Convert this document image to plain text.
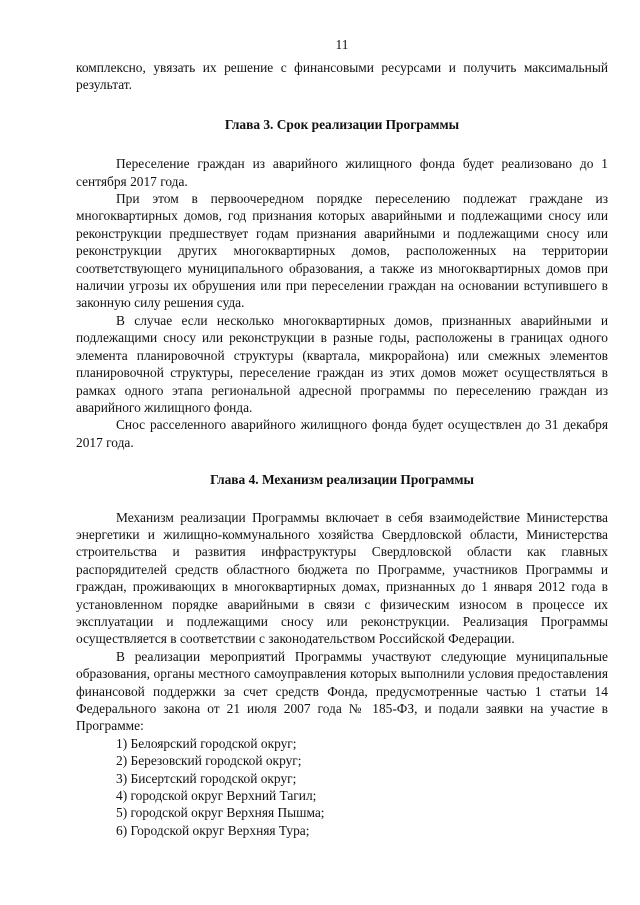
11

комплексно, увязать их решение с финансовыми ресурсами и получить максимальный результат.

Глава 3. Срок реализации Программы

Переселение граждан из аварийного жилищного фонда будет реализовано до 1 сентября 2017 года.

При этом в первоочередном порядке переселению подлежат граждане из многоквартирных домов, год признания которых аварийными и подлежащими сносу или реконструкции предшествует годам признания аварийными и подлежащими сносу или реконструкции других многоквартирных домов, расположенных на территории соответствующего муниципального образования, а также из многоквартирных домов при наличии угрозы их обрушения или при переселении граждан на основании вступившего в законную силу решения суда.

В случае если несколько многоквартирных домов, признанных аварийными и подлежащими сносу или реконструкции в разные годы, расположены в границах одного элемента планировочной структуры (квартала, микрорайона) или смежных элементов планировочной структуры, переселение граждан из этих домов может осуществляться в рамках одного этапа региональной адресной программы по переселению граждан из аварийного жилищного фонда.

Снос расселенного аварийного жилищного фонда будет осуществлен до 31 декабря 2017 года.

Глава 4. Механизм реализации Программы

Механизм реализации Программы включает в себя взаимодействие Министерства энергетики и жилищно-коммунального хозяйства Свердловской области, Министерства строительства и развития инфраструктуры Свердловской области как главных распорядителей средств областного бюджета по Программе, участников Программы и граждан, проживающих в многоквартирных домах, признанных до 1 января 2012 года в установленном порядке аварийными в связи с физическим износом в процессе их эксплуатации и подлежащими сносу или реконструкции. Реализация Программы осуществляется в соответствии с законодательством Российской Федерации.

В реализации мероприятий Программы участвуют следующие муниципальные образования, органы местного самоуправления которых выполнили условия предоставления финансовой поддержки за счет средств Фонда, предусмотренные частью 1 статьи 14 Федерального закона от 21 июля 2007 года № 185-ФЗ, и подали заявки на участие в Программе:

1) Белоярский городской округ;
2) Березовский городской округ;
3) Бисертский городской округ;
4) городской округ Верхний Тагил;
5) городской округ Верхняя Пышма;
6) Городской округ Верхняя Тура;
